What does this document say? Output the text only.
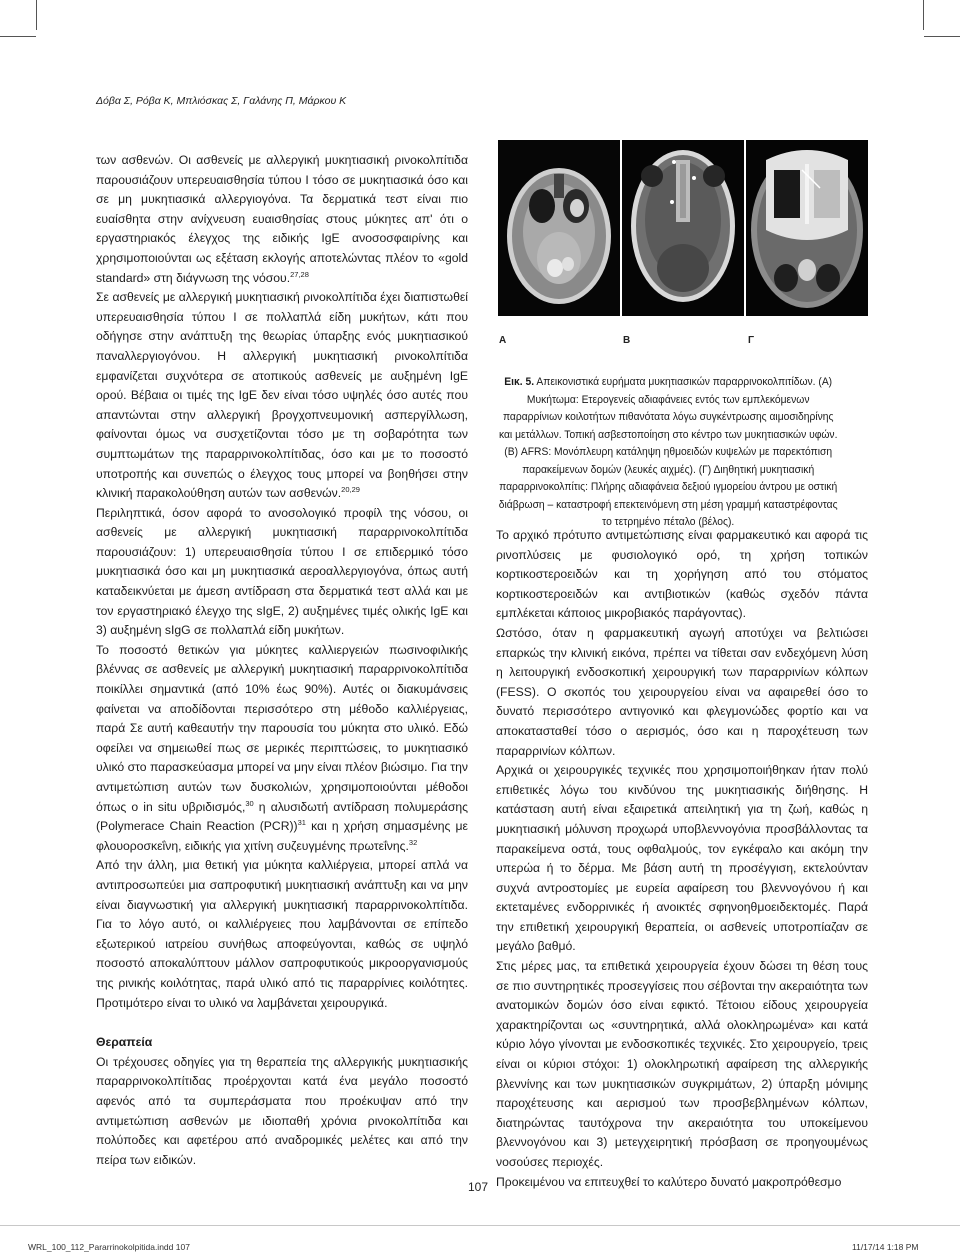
Δόβα Σ, Ρόβα Κ, Μπλιόσκας Σ, Γαλάνης Π, Μάρκου Κ

των ασθενών. Οι ασθενείς με αλλεργική μυκητιασική ρινοκολπίτιδα παρουσιάζουν υπερευαισθησία τύπου Ι τόσο σε μυκητιασικά όσο και σε μη μυκητιασικά αλλεργιογόνα. Τα δερματικά τεστ είναι πιο ευαίσθητα στην ανίχνευση ευαισθησίας στους μύκητες απ' ότι ο εργαστηριακός έλεγχος της ειδικής IgE ανοσοσφαιρίνης και χρησιμοποιούνται ως εξέταση εκλογής αποτελώντας πλέον το «gold standard» στη διάγνωση της νόσου.$^{27,28}$

Σε ασθενείς με αλλεργική μυκητιασική ρινοκολπίτιδα έχει διαπιστωθεί υπερευαισθησία τύπου Ι σε πολλαπλά είδη μυκήτων, κάτι που οδήγησε στην ανάπτυξη της θεωρίας ύπαρξης ενός μυκητιασικού παναλλεργιογόνου. Η αλλεργική μυκητιασική ρινοκολπίτιδα εμφανίζεται συχνότερα σε ατοπικούς ασθενείς με αυξημένη IgE ορού. Βέβαια οι τιμές της IgE δεν είναι τόσο υψηλές όσο αυτές που απαντώνται στην αλλεργική βρογχοπνευμονική ασπεργίλλωση, φαίνονται όμως να συσχετίζονται τόσο με τη σοβαρότητα των συμπτωμάτων της παραρρινοκολπίτιδας, όσο και με το ποσοστό υποτροπής και συνεπώς ο έλεγχος τους μπορεί να βοηθήσει στην κλινική παρακολούθηση αυτών των ασθενών.$^{20,29}$

Περιληπτικά, όσον αφορά το ανοσολογικό προφίλ της νόσου, οι ασθενείς με αλλεργική μυκητιασική παραρρινοκολπίτιδα παρουσιάζουν: 1) υπερευαισθησία τύπου Ι σε επιδερμικό τόσο μυκητιασικά όσο και μη μυκητιασικά αεροαλλεργιογόνα, όπως αυτή καταδεικνύεται με άμεση αντίδραση στα δερματικά τεστ αλλά και με τον εργαστηριακό έλεγχο της sIgE, 2) αυξημένες τιμές ολικής IgE και 3) αυξημένη sIgG σε πολλαπλά είδη μυκήτων.

Το ποσοστό θετικών για μύκητες καλλιεργειών πωσινοφιλικής βλέννας σε ασθενείς με αλλεργική μυκητιασική παραρρινοκολπίτιδα ποικίλλει σημαντικά (από 10% έως 90%). Αυτές οι διακυμάνσεις φαίνεται να αποδίδονται περισσότερο στη μέθοδο καλλιέργειας, παρά Σε αυτή καθεαυτήν την παρουσία του μύκητα στο υλικό. Εδώ οφείλει να σημειωθεί πως σε μερικές περιπτώσεις, το μυκητιασικό υλικό στο παρασκεύασμα μπορεί να μην είναι πλέον βιώσιμο. Για την αντιμετώπιση αυτών των δυσκολιών, χρησιμοποιούνται μέθοδοι όπως ο in situ υβριδισμός,$^{30}$ η αλυσιδωτή αντίδραση πολυμεράσης (Polymerace Chain Reaction (PCR))$^{31}$ και η χρήση σημασμένης με φλουοροσκεΐνη, ειδικής για χιτίνη συζευγμένης πρωτεΐνης.$^{32}$

Από την άλλη, μια θετική για μύκητα καλλιέργεια, μπορεί απλά να αντιπροσωπεύει μια σαπροφυτική μυκητιασική ανάπτυξη και να μην είναι διαγνωστική για αλλεργική μυκητιασική παραρρινοκολπίτιδα. Για το λόγο αυτό, οι καλλιέργειες που λαμβάνονται σε επίπεδο εξωτερικού ιατρείου συνήθως αποφεύγονται, καθώς σε υψηλό ποσοστό αποκαλύπτουν μάλλον σαπροφυτικούς μικροοργανισμούς της ρινικής κοιλότητας, παρά υλικό από τις παραρρίνιες κοιλότητες. Προτιμότερο είναι το υλικό να λαμβάνεται χειρουργικά.

Θεραπεία

Οι τρέχουσες οδηγίες για τη θεραπεία της αλλεργικής μυκητιασικής παραρρινοκολπίτιδας προέρχονται κατά ένα μεγάλο ποσοστό αφενός από τα συμπεράσματα που προέκυψαν από την αντιμετώπιση ασθενών με ιδιοπαθή χρόνια ρινοκολπίτιδα και πολύποδες και αφετέρου από αναδρομικές μελέτες και από την πείρα των ειδικών.

Α	Β	Γ
Εικ. 5. Απεικονιστικά ευρήματα μυκητιασικών παραρρινοκολπιτίδων. (Α) Μυκήτωμα: Ετερογενείς αδιαφάνειες εντός των εμπλεκόμενων παραρρίνιων κοιλοτήτων πιθανότατα λόγω συγκέντρωσης αιμοσιδηρίνης και μετάλλων. Τοπική ασβεστοποίηση στο κέντρο των μυκητιασικών υφών. (Β) AFRS: Μονόπλευρη κατάληψη ηθμοειδών κυψελών με παρεκτόπιση παρακείμενων δομών (λευκές αιχμές). (Γ) Διηθητική μυκητιασική παραρρινοκολπίτις: Πλήρης αδιαφάνεια δεξιού ιγμορείου άντρου με οστική διάβρωση – καταστροφή επεκτεινόμενη στη μέση γραμμή καταστρέφοντας το τετρημένο πέταλο (βέλος).

Το αρχικό πρότυπο αντιμετώπισης είναι φαρμακευτικό και αφορά τις ρινοπλύσεις με φυσιολογικό ορό, τη χρήση τοπικών κορτικοστεροειδών και τη χορήγηση από του στόματος κορτικοστεροειδών και αντιβιοτικών (καθώς σχεδόν πάντα εμπλέκεται κάποιος μικροβιακός παράγοντας).

Ωστόσο, όταν η φαρμακευτική αγωγή αποτύχει να βελτιώσει επαρκώς την κλινική εικόνα, πρέπει να τίθεται σαν ενδεχόμενη λύση η λειτουργική ενδοσκοπική χειρουργική των παραρρινίων κόλπων (FESS). Ο σκοπός του χειρουργείου είναι να αφαιρεθεί όσο το δυνατό περισσότερο αντιγονικό και φλεγμονώδες φορτίο και να αποκατασταθεί τόσο ο αερισμός, όσο και η παροχέτευση των παραρρινίων κόλπων.

Αρχικά οι χειρουργικές τεχνικές που χρησιμοποιήθηκαν ήταν πολύ επιθετικές λόγω του κινδύνου της μυκητιασικής διήθησης. Η κατάσταση αυτή είναι εξαιρετικά απειλητική για τη ζωή, καθώς η μυκητιασική μόλυνση προχωρά υποβλεννογόνια προσβάλλοντας τα παρακείμενα οστά, τους οφθαλμούς, τον εγκέφαλο και ακόμη την υπερώα ή το δέρμα. Με βάση αυτή τη προσέγγιση, εκτελούνταν συχνά αντροστομίες με ευρεία αφαίρεση του βλεννογόνου ή και εκτεταμένες ενδορρινικές ή ανοικτές σφηνοηθμοειδεκτομές. Παρά την επιθετική χειρουργική θεραπεία, οι ασθενείς υποτροπίαζαν σε μεγάλο βαθμό.

Στις μέρες μας, τα επιθετικά χειρουργεία έχουν δώσει τη θέση τους σε πιο συντηρητικές προσεγγίσεις που σέβονται την ακεραιότητα των ανατομικών δομών όσο είναι εφικτό. Τέτοιου είδους χειρουργεία χαρακτηρίζονται ως «συντηρητικά, αλλά ολοκληρωμένα» και κατά κύριο λόγο γίνονται με ενδοσκοπικές τεχνικές. Στο χειρουργείο, τρεις είναι οι κύριοι στόχοι: 1) ολοκληρωτική αφαίρεση της αλλεργικής βλεννίνης και των μυκητιασικών συγκριμάτων, 2) ύπαρξη μόνιμης παροχέτευσης και αερισμού των προσβεβλημένων κόλπων, διατηρώντας ταυτόχρονα την ακεραιότητα του υποκείμενου βλεννογόνου και 3) μετεγχειρητική πρόσβαση σε προηγουμένως νοσούσες περιοχές.

Προκειμένου να επιτευχθεί το καλύτερο δυνατό μακροπρόθεσμο

107
WRL_100_112_Pararrinokolpitida.indd 107	11/17/14 1:18 PM
